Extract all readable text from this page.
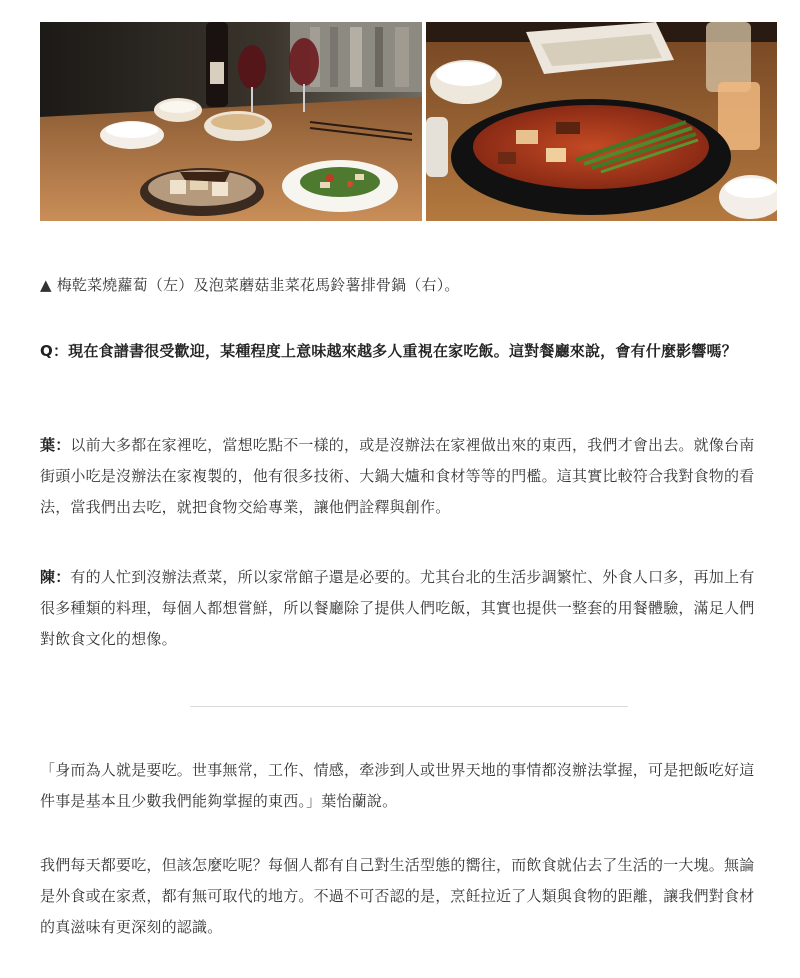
▲ 梅乾菜燒蘿蔔（左）及泡菜蘑菇韭菜花馬鈴薯排骨鍋（右）。

Q：現在食譜書很受歡迎，某種程度上意味越來越多人重視在家吃飯。這對餐廳來說，會有什麼影響嗎？

葉：以前大多都在家裡吃，當想吃點不一樣的，或是沒辦法在家裡做出來的東西，我們才會出去。就像台南街頭小吃是沒辦法在家複製的，他有很多技術、大鍋大爐和食材等等的門檻。這其實比較符合我對食物的看法，當我們出去吃，就把食物交給專業，讓他們詮釋與創作。

陳：有的人忙到沒辦法煮菜，所以家常館子還是必要的。尤其台北的生活步調繁忙、外食人口多，再加上有很多種類的料理，每個人都想嘗鮮，所以餐廳除了提供人們吃飯，其實也提供一整套的用餐體驗，滿足人們對飲食文化的想像。

「身而為人就是要吃。世事無常，工作、情感，牽涉到人或世界天地的事情都沒辦法掌握，可是把飯吃好這件事是基本且少數我們能夠掌握的東西。」葉怡蘭說。

我們每天都要吃，但該怎麼吃呢？每個人都有自己對生活型態的嚮往，而飲食就佔去了生活的一大塊。無論是外食或在家煮，都有無可取代的地方。不過不可否認的是，烹飪拉近了人類與食物的距離，讓我們對食材的真滋味有更深刻的認識。
